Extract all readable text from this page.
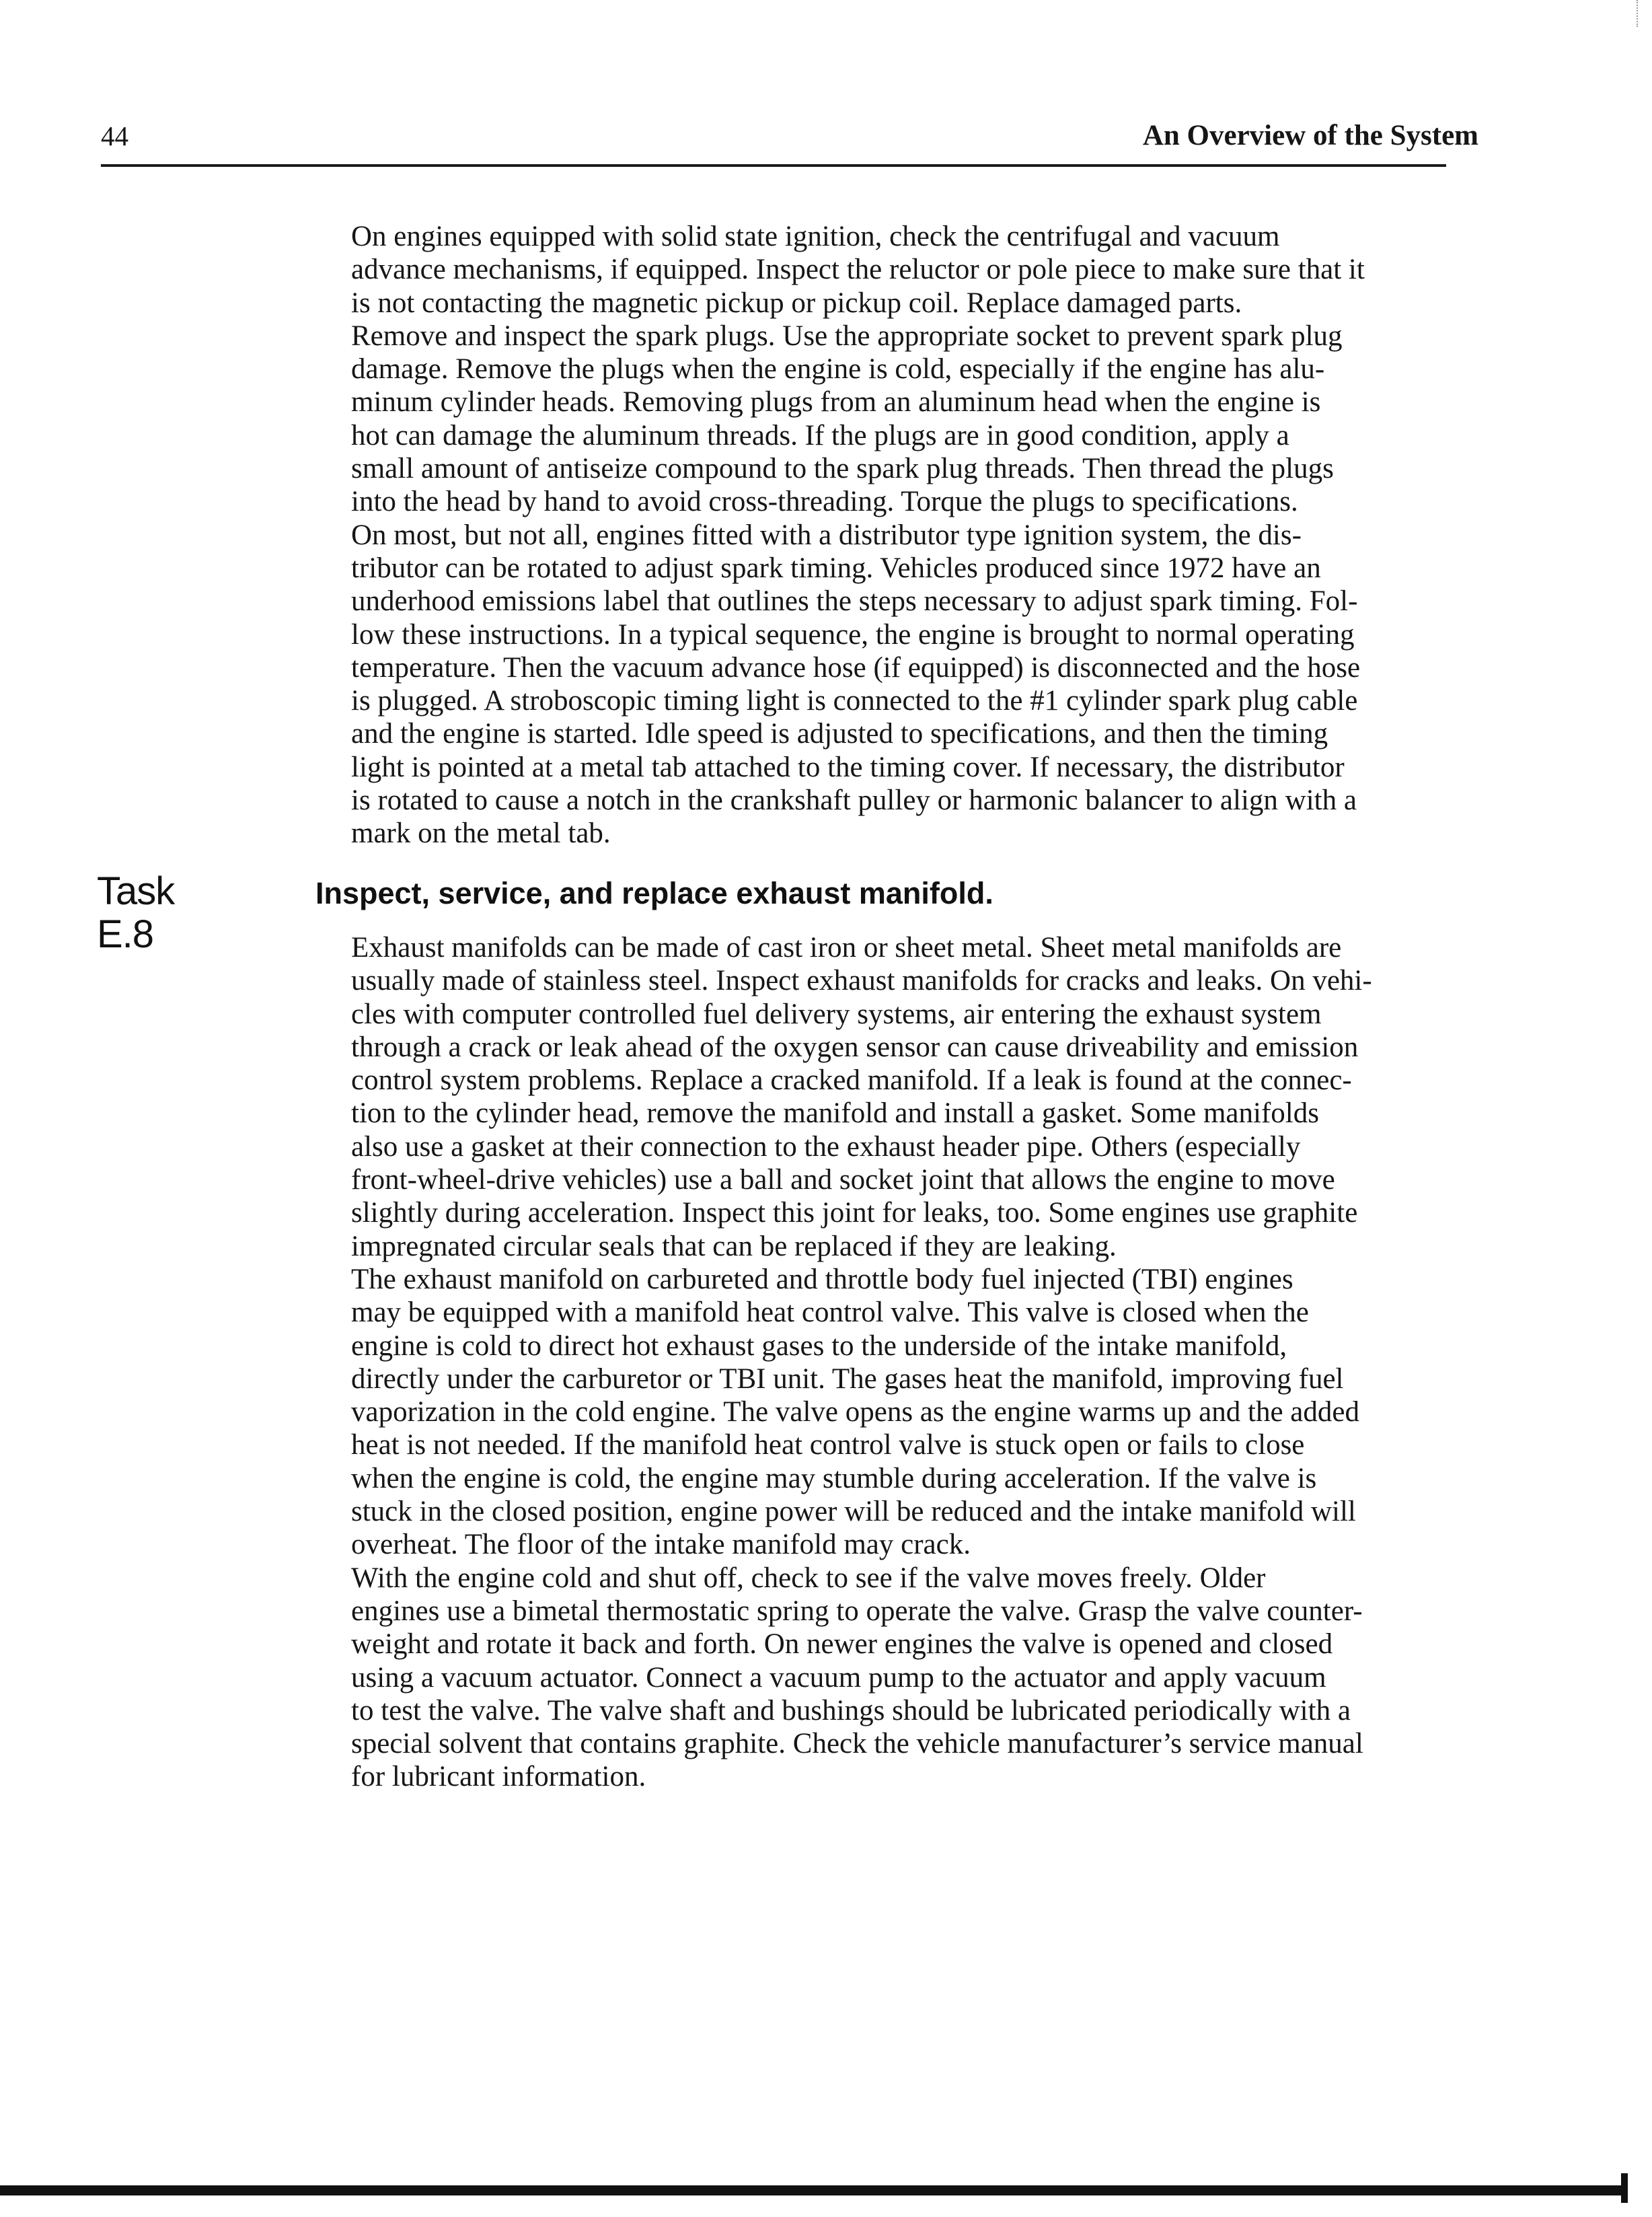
44	An Overview of the System

On engines equipped with solid state ignition, check the centrifugal and vacuum
advance mechanisms, if equipped. Inspect the reluctor or pole piece to make sure that it
is not contacting the magnetic pickup or pickup coil. Replace damaged parts.

Remove and inspect the spark plugs. Use the appropriate socket to prevent spark plug
damage. Remove the plugs when the engine is cold, especially if the engine has alu-
minum cylinder heads. Removing plugs from an aluminum head when the engine is
hot can damage the aluminum threads. If the plugs are in good condition, apply a
small amount of antiseize compound to the spark plug threads. Then thread the plugs
into the head by hand to avoid cross-threading. Torque the plugs to specifications.

On most, but not all, engines fitted with a distributor type ignition system, the dis-
tributor can be rotated to adjust spark timing. Vehicles produced since 1972 have an
underhood emissions label that outlines the steps necessary to adjust spark timing. Fol-
low these instructions. In a typical sequence, the engine is brought to normal operating
temperature. Then the vacuum advance hose (if equipped) is disconnected and the hose
is plugged. A stroboscopic timing light is connected to the #1 cylinder spark plug cable
and the engine is started. Idle speed is adjusted to specifications, and then the timing
light is pointed at a metal tab attached to the timing cover. If necessary, the distributor
is rotated to cause a notch in the crankshaft pulley or harmonic balancer to align with a
mark on the metal tab.

Task
E.8
Inspect, service, and replace exhaust manifold.

Exhaust manifolds can be made of cast iron or sheet metal. Sheet metal manifolds are
usually made of stainless steel. Inspect exhaust manifolds for cracks and leaks. On vehi-
cles with computer controlled fuel delivery systems, air entering the exhaust system
through a crack or leak ahead of the oxygen sensor can cause driveability and emission
control system problems. Replace a cracked manifold. If a leak is found at the connec-
tion to the cylinder head, remove the manifold and install a gasket. Some manifolds
also use a gasket at their connection to the exhaust header pipe. Others (especially
front-wheel-drive vehicles) use a ball and socket joint that allows the engine to move
slightly during acceleration. Inspect this joint for leaks, too. Some engines use graphite
impregnated circular seals that can be replaced if they are leaking.

The exhaust manifold on carbureted and throttle body fuel injected (TBI) engines
may be equipped with a manifold heat control valve. This valve is closed when the
engine is cold to direct hot exhaust gases to the underside of the intake manifold,
directly under the carburetor or TBI unit. The gases heat the manifold, improving fuel
vaporization in the cold engine. The valve opens as the engine warms up and the added
heat is not needed. If the manifold heat control valve is stuck open or fails to close
when the engine is cold, the engine may stumble during acceleration. If the valve is
stuck in the closed position, engine power will be reduced and the intake manifold will
overheat. The floor of the intake manifold may crack.

With the engine cold and shut off, check to see if the valve moves freely. Older
engines use a bimetal thermostatic spring to operate the valve. Grasp the valve counter-
weight and rotate it back and forth. On newer engines the valve is opened and closed
using a vacuum actuator. Connect a vacuum pump to the actuator and apply vacuum
to test the valve. The valve shaft and bushings should be lubricated periodically with a
special solvent that contains graphite. Check the vehicle manufacturer’s service manual
for lubricant information.
